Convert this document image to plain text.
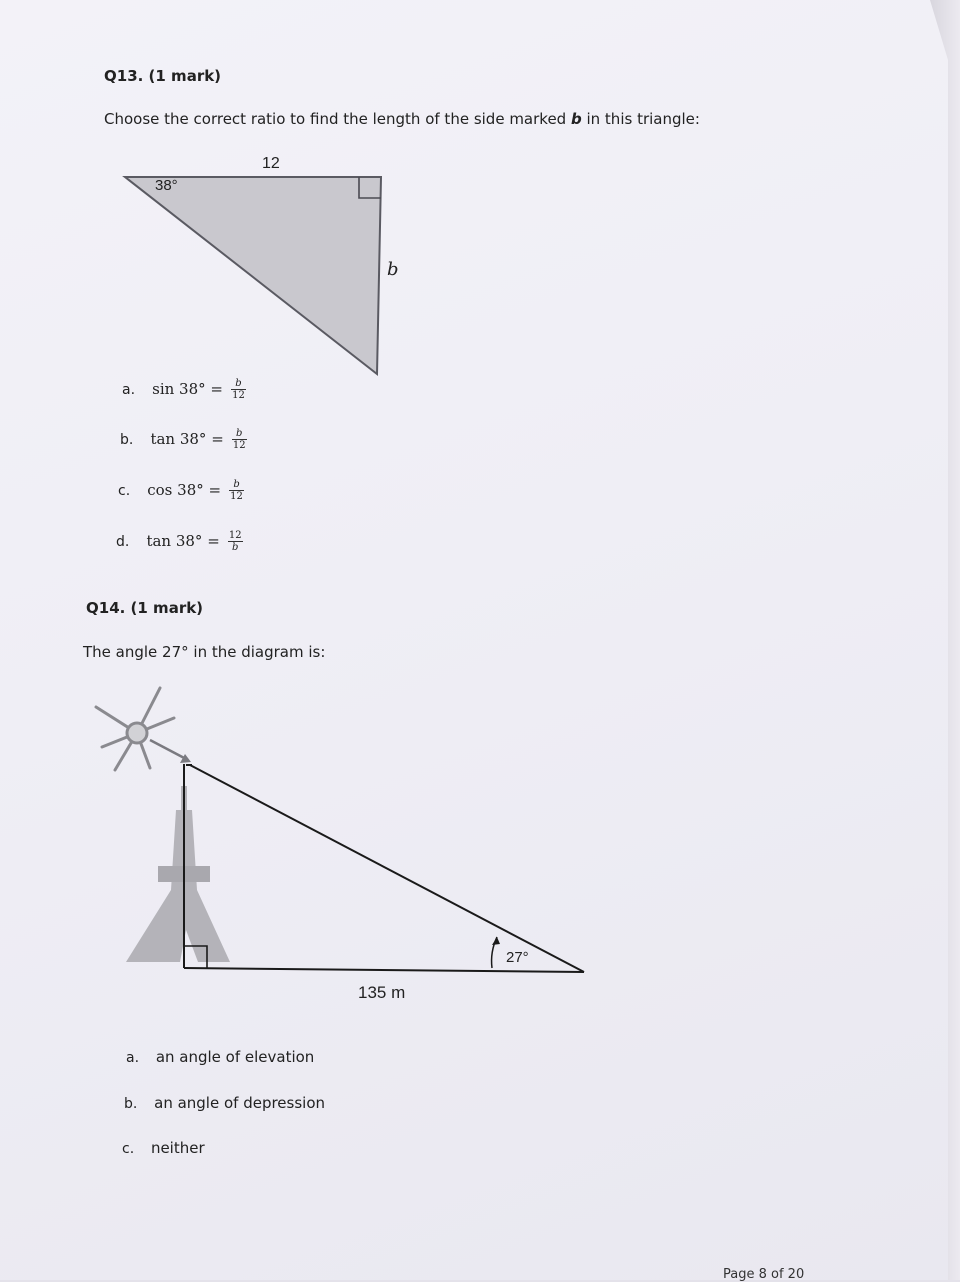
Q13. (1 mark)
Choose the correct ratio to find the length of the side marked b in this triangle:
38°
12
b
a. $\sin 38^\circ = \frac{b}{12}$
b. $\tan 38^\circ = \frac{b}{12}$
c. $\cos 38^\circ = \frac{b}{12}$
d. $\tan 38^\circ = \frac{12}{b}$
Q14. (1 mark)
The angle 27° in the diagram is:
27°
135 m
a. an angle of elevation
b. an angle of depression
c. neither
Page 8 of 20
